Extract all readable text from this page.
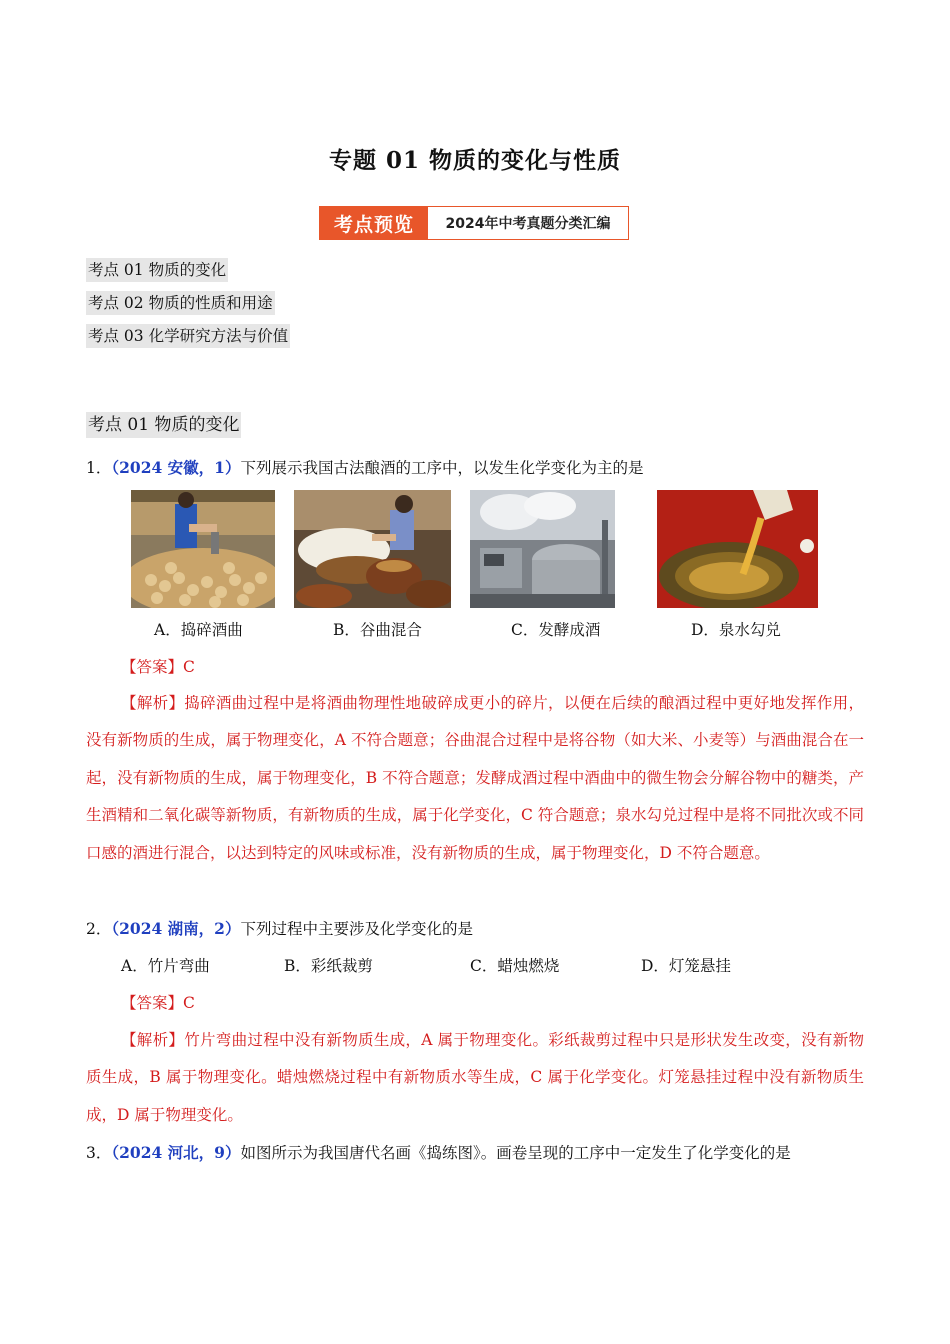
专题 01 物质的变化与性质
考点预览	2024年中考真题分类汇编
考点 01 物质的变化
考点 02 物质的性质和用途
考点 03 化学研究方法与价值
考点 01 物质的变化
1．（2024 安徽，1）下列展示我国古法酿酒的工序中，以发生化学变化为主的是
A．捣碎酒曲	B．谷曲混合	C．发酵成酒	D．泉水勾兑
【答案】C
【解析】捣碎酒曲过程中是将酒曲物理性地破碎成更小的碎片，以便在后续的酿酒过程中更好地发挥作用，没有新物质的生成，属于物理变化，A 不符合题意；谷曲混合过程中是将谷物（如大米、小麦等）与酒曲混合在一起，没有新物质的生成，属于物理变化，B 不符合题意；发酵成酒过程中酒曲中的微生物会分解谷物中的糖类，产生酒精和二氧化碳等新物质，有新物质的生成，属于化学变化，C 符合题意；泉水勾兑过程中是将不同批次或不同口感的酒进行混合，以达到特定的风味或标准，没有新物质的生成，属于物理变化，D 不符合题意。
2．（2024 湖南，2）下列过程中主要涉及化学变化的是
A．竹片弯曲	B．彩纸裁剪	C．蜡烛燃烧	D．灯笼悬挂
【答案】C
【解析】竹片弯曲过程中没有新物质生成，A 属于物理变化。彩纸裁剪过程中只是形状发生改变，没有新物质生成，B 属于物理变化。蜡烛燃烧过程中有新物质水等生成，C 属于化学变化。灯笼悬挂过程中没有新物质生成，D 属于物理变化。
3．（2024 河北，9）如图所示为我国唐代名画《捣练图》。画卷呈现的工序中一定发生了化学变化的是
